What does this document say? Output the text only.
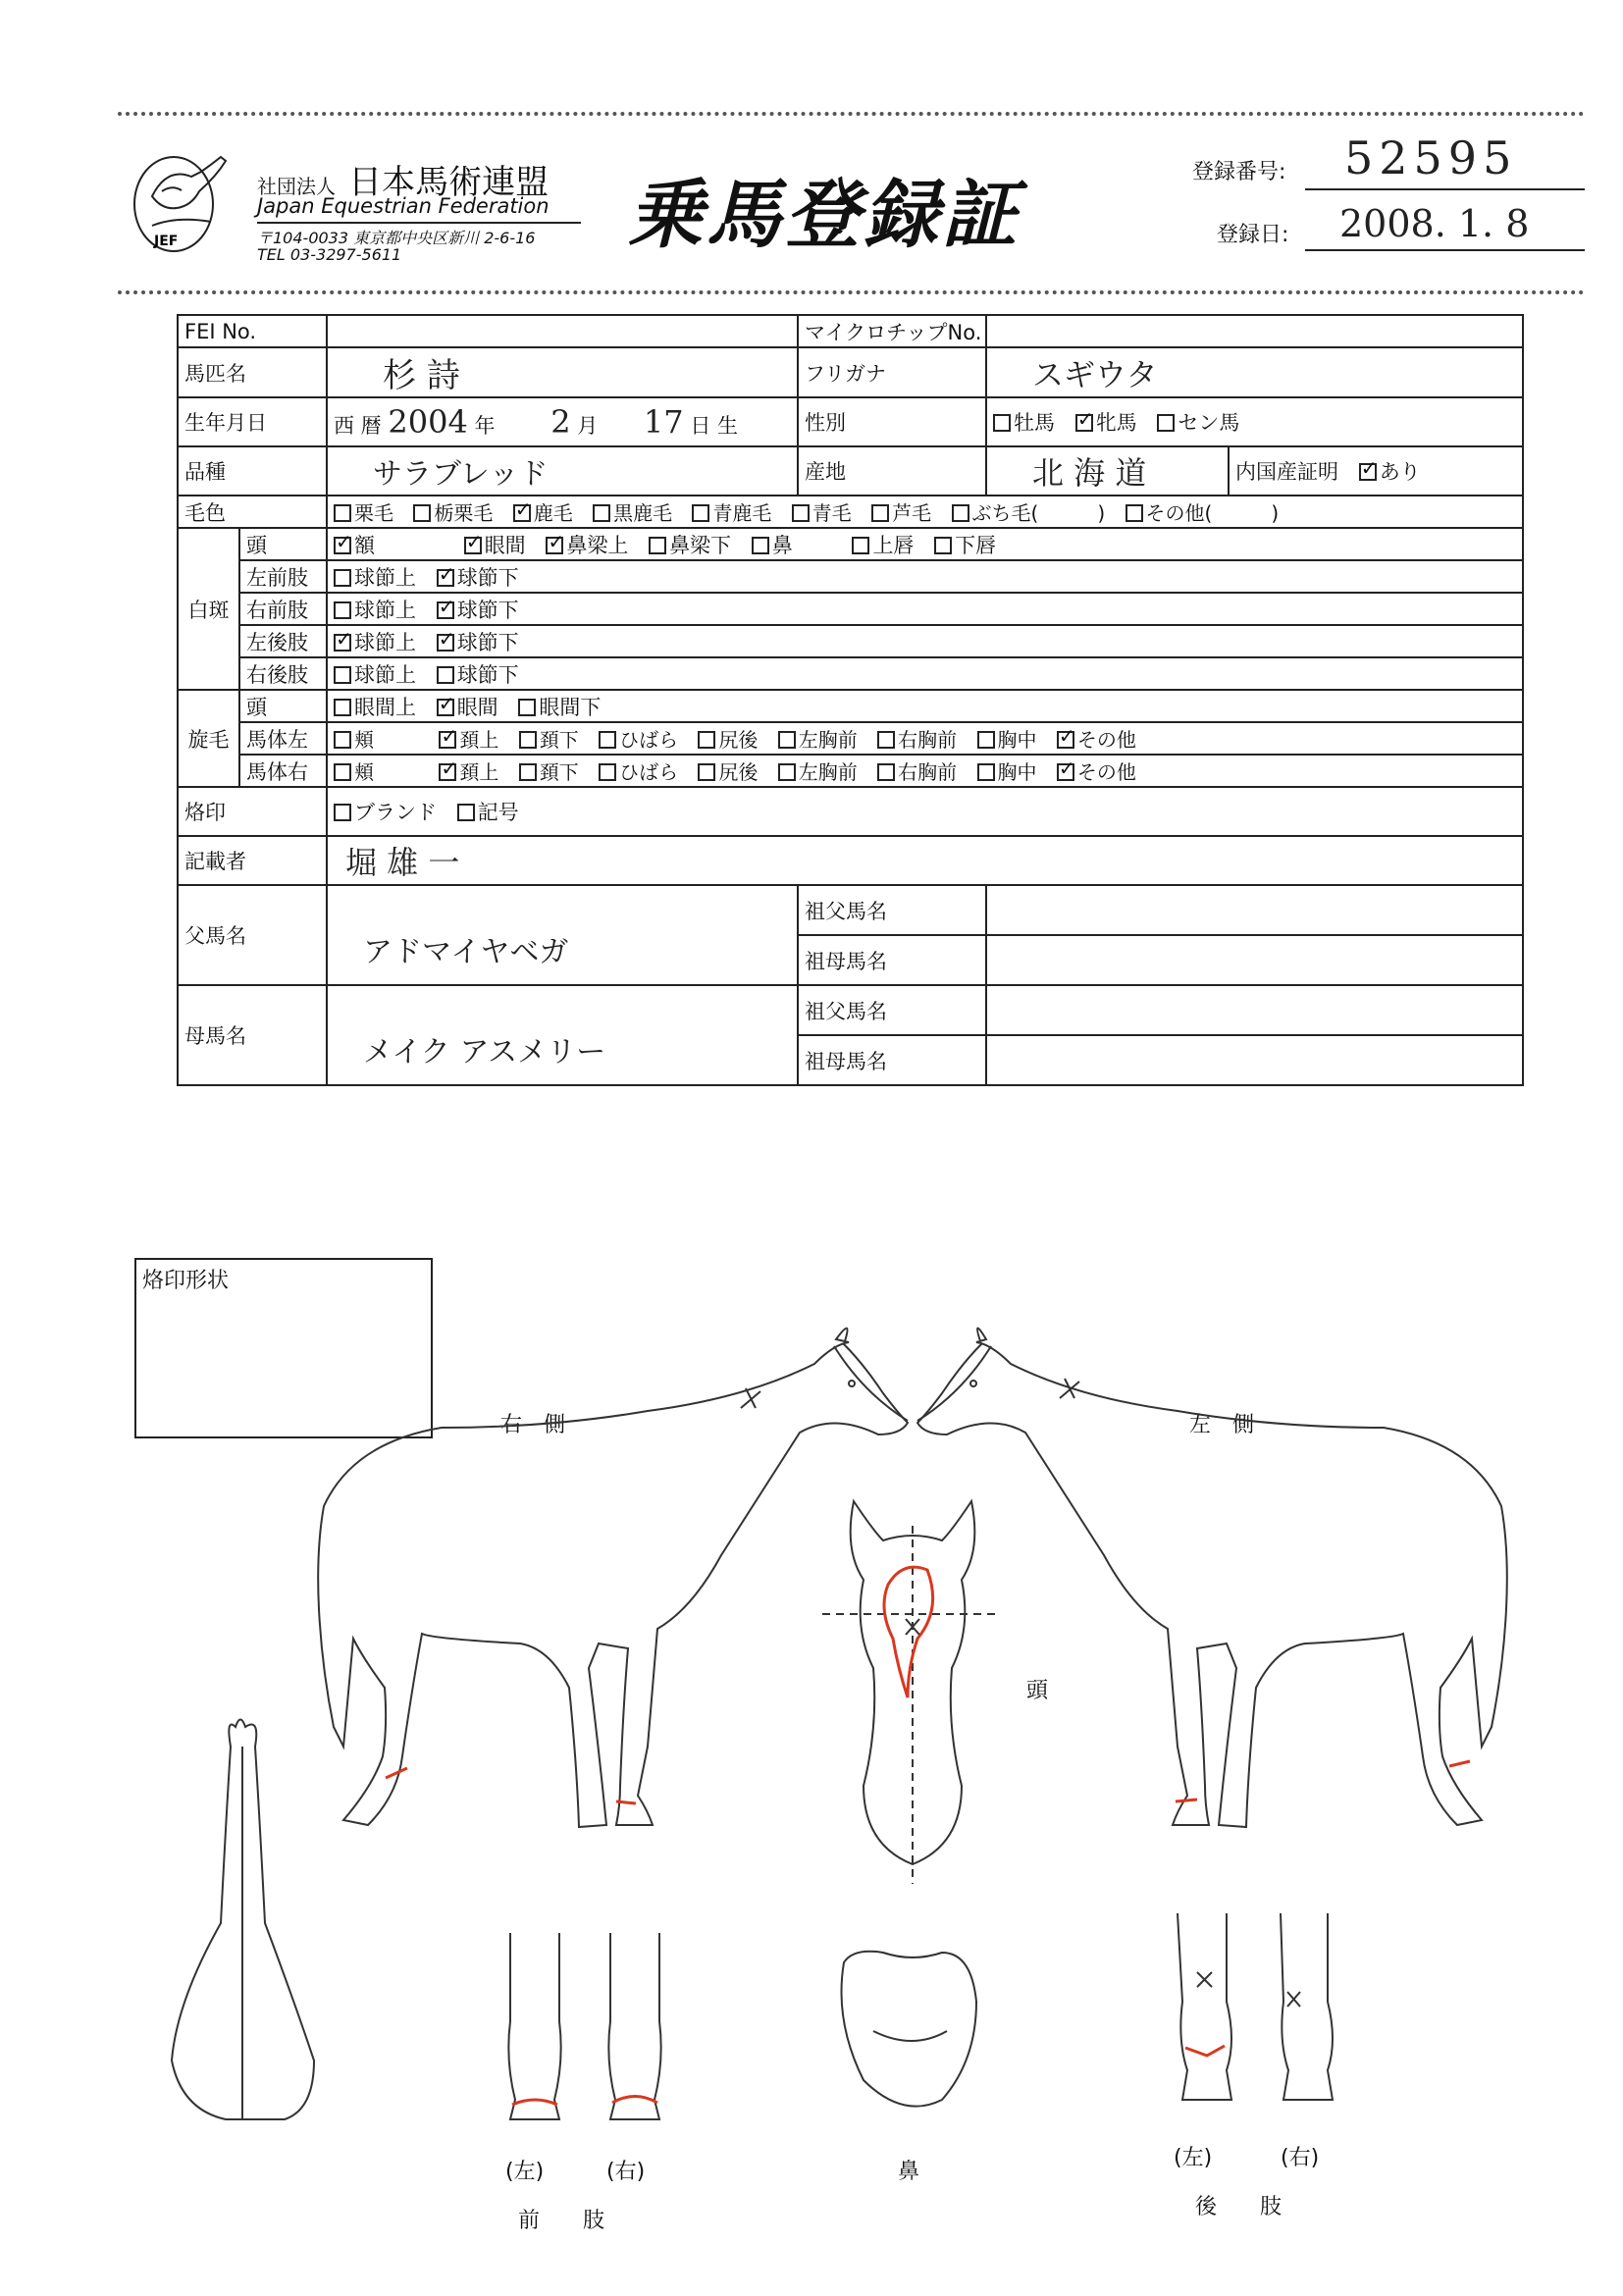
JEF
社団法人 日本馬術連盟
Japan Equestrian Federation
〒104-0033 東京都中央区新川 2-6-16
TEL 03-3297-5611	乗馬登録証	登録番号: 52595
登録日: 2008. 1. 8
FEI No.			マイクロチップNo.		
馬匹名		杉 詩	フリガナ	スギウタ	
生年月日		西 暦 2004 年 2 月 17 日 生	性別	牡馬 ✓ 牝馬 セン馬
品種		サラブレッド	産地	北 海 道	内国産証明 ✓ あり
毛色		栗毛 栃栗毛 ✓ 鹿毛 黒鹿毛 青鹿毛 青毛 芦毛 ぶち毛( ) その他( )
白斑	頭	✓額 ✓ 眼間 ✓ 鼻梁上 鼻梁下 鼻 上唇 下唇
	左前肢	球節上 ✓ 球節下
	右前肢	球節上 ✓ 球節下
	左後肢	✓球節上 ✓ 球節下
	右後肢	球節上 球節下			
旋毛	頭	眼間上 ✓ 眼間 眼間下
	馬体左	頬 ✓ 頚上 頚下 ひばら 尻後 左胸前 右胸前 胸中 ✓ その他
	馬体右	頬 ✓ 頚上 頚下 ひばら 尻後 左胸前 右胸前 胸中 ✓ その他
烙印		ブランド 記号			
記載者		堀 雄 一			
父馬名		アドマイヤベガ	祖父馬名		
			祖母馬名		
母馬名		メイク アスメリー	祖父馬名		
			祖母馬名		
烙印形状
右　側	左　側
頭
鼻
(左)	(右)
前　　肢
(左)	(右)
後　　肢
